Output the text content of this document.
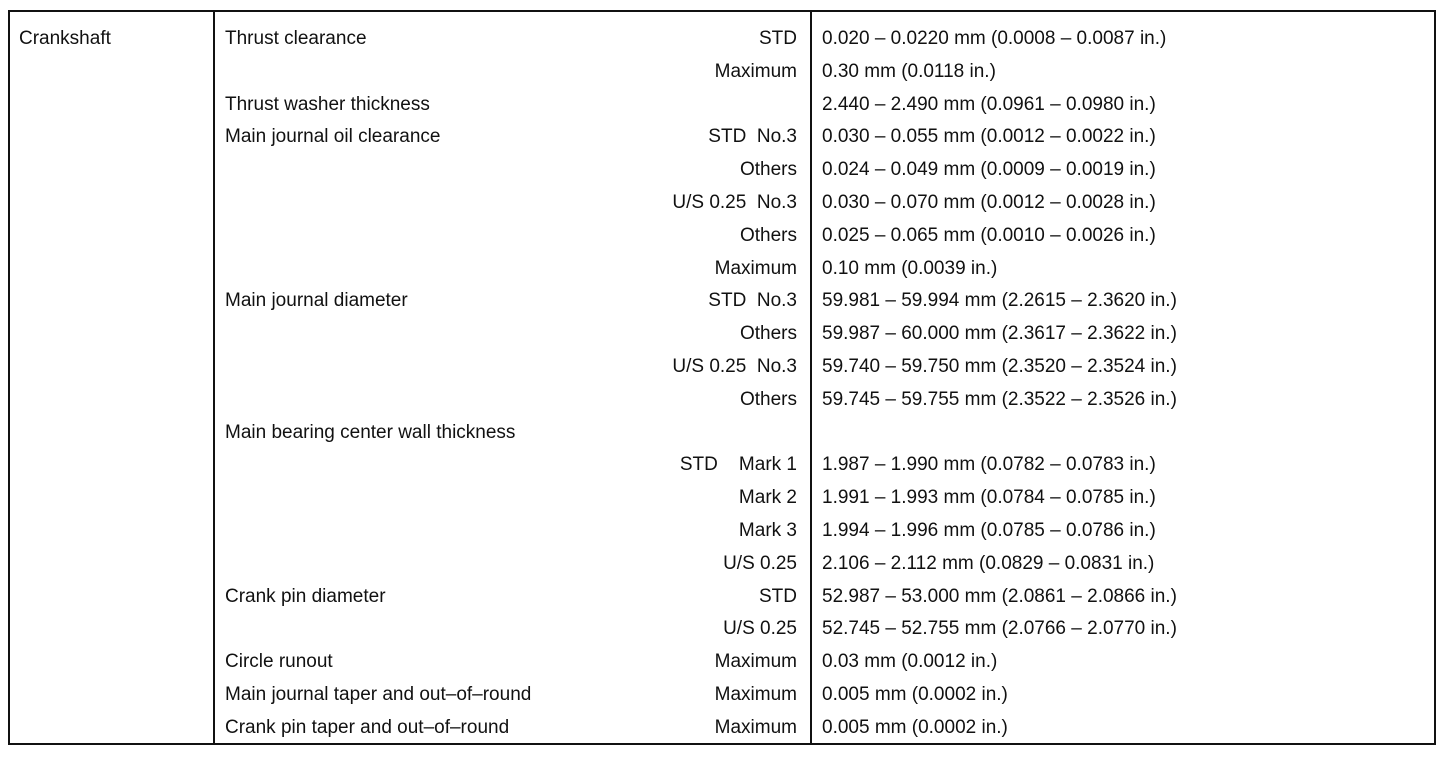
Crankshaft	Thrust clearance	STD 0.020 – 0.0220 mm (0.0008 – 0.0087 in.)
Maximum 0.30 mm (0.0118 in.)
Thrust washer thickness	2.440 – 2.490 mm (0.0961 – 0.0980 in.)
Main journal oil clearance	STD  No.3 0.030 – 0.055 mm (0.0012 – 0.0022 in.)
Others 0.024 – 0.049 mm (0.0009 – 0.0019 in.)
U/S 0.25  No.3 0.030 – 0.070 mm (0.0012 – 0.0028 in.)
Others 0.025 – 0.065 mm (0.0010 – 0.0026 in.)
Maximum 0.10 mm (0.0039 in.)
Main journal diameter	STD  No.3 59.981 – 59.994 mm (2.2615 – 2.3620 in.)
Others 59.987 – 60.000 mm (2.3617 – 2.3622 in.)
U/S 0.25  No.3 59.740 – 59.750 mm (2.3520 – 2.3524 in.)
Others 59.745 – 59.755 mm (2.3522 – 2.3526 in.)
Main bearing center wall thickness
STD    Mark 1 1.987 – 1.990 mm (0.0782 – 0.0783 in.)
Mark 2 1.991 – 1.993 mm (0.0784 – 0.0785 in.)
Mark 3 1.994 – 1.996 mm (0.0785 – 0.0786 in.)
U/S 0.25 2.106 – 2.112 mm (0.0829 – 0.0831 in.)
Crank pin diameter	STD 52.987 – 53.000 mm (2.0861 – 2.0866 in.)
U/S 0.25 52.745 – 52.755 mm (2.0766 – 2.0770 in.)
Circle runout	Maximum 0.03 mm (0.0012 in.)
Main journal taper and out–of–round	Maximum 0.005 mm (0.0002 in.)
Crank pin taper and out–of–round	Maximum 0.005 mm (0.0002 in.)
